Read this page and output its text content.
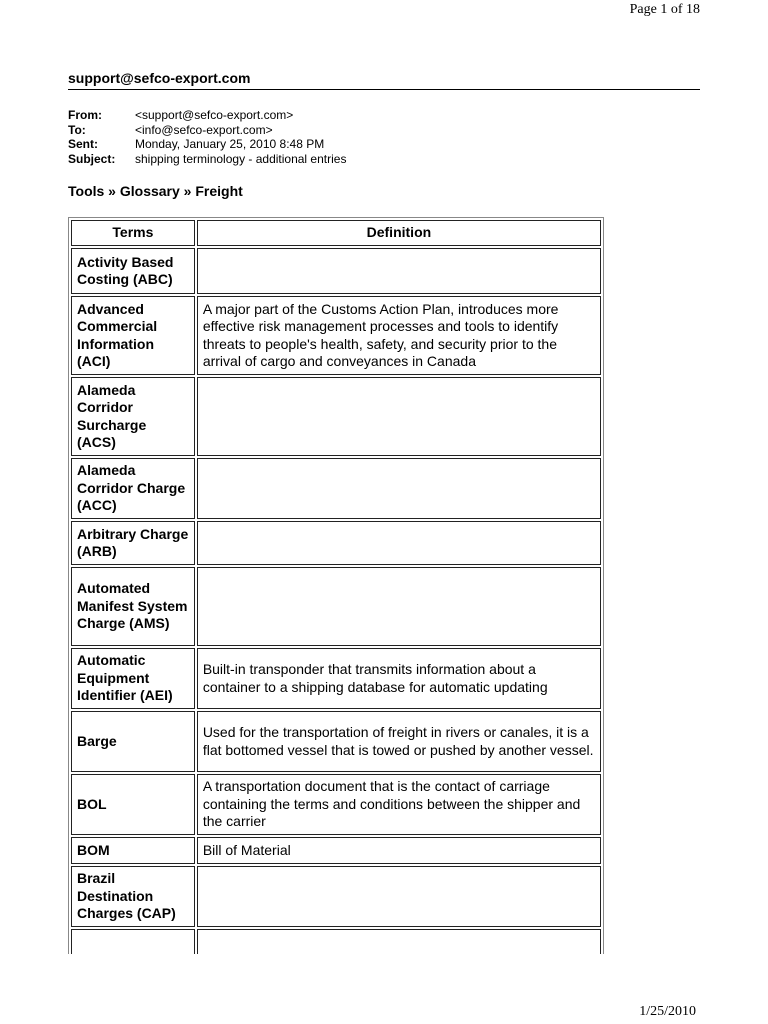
Page 1 of 18
support@sefco-export.com
From:	<support@sefco-export.com>
To:	<info@sefco-export.com>
Sent:	Monday, January 25, 2010 8:48 PM
Subject:	shipping terminology - additional entries
Tools » Glossary » Freight
Terms	Definition
Activity Based Costing (ABC)	
Advanced Commercial Information (ACI)	A major part of the Customs Action Plan, introduces more effective risk management processes and tools to identify threats to people's health, safety, and security prior to the arrival of cargo and conveyances in Canada
Alameda Corridor Surcharge (ACS)	
Alameda Corridor Charge (ACC)	
Arbitrary Charge (ARB)	
Automated Manifest System Charge (AMS)	
Automatic Equipment Identifier (AEI)	Built-in transponder that transmits information about a container to a shipping database for automatic updating
Barge	Used for the transportation of freight in rivers or canales, it is a flat bottomed vessel that is towed or pushed by another vessel.
BOL	A transportation document that is the contact of carriage containing the terms and conditions between the shipper and the carrier
BOM	Bill of Material
Brazil Destination Charges (CAP)	

1/25/2010
